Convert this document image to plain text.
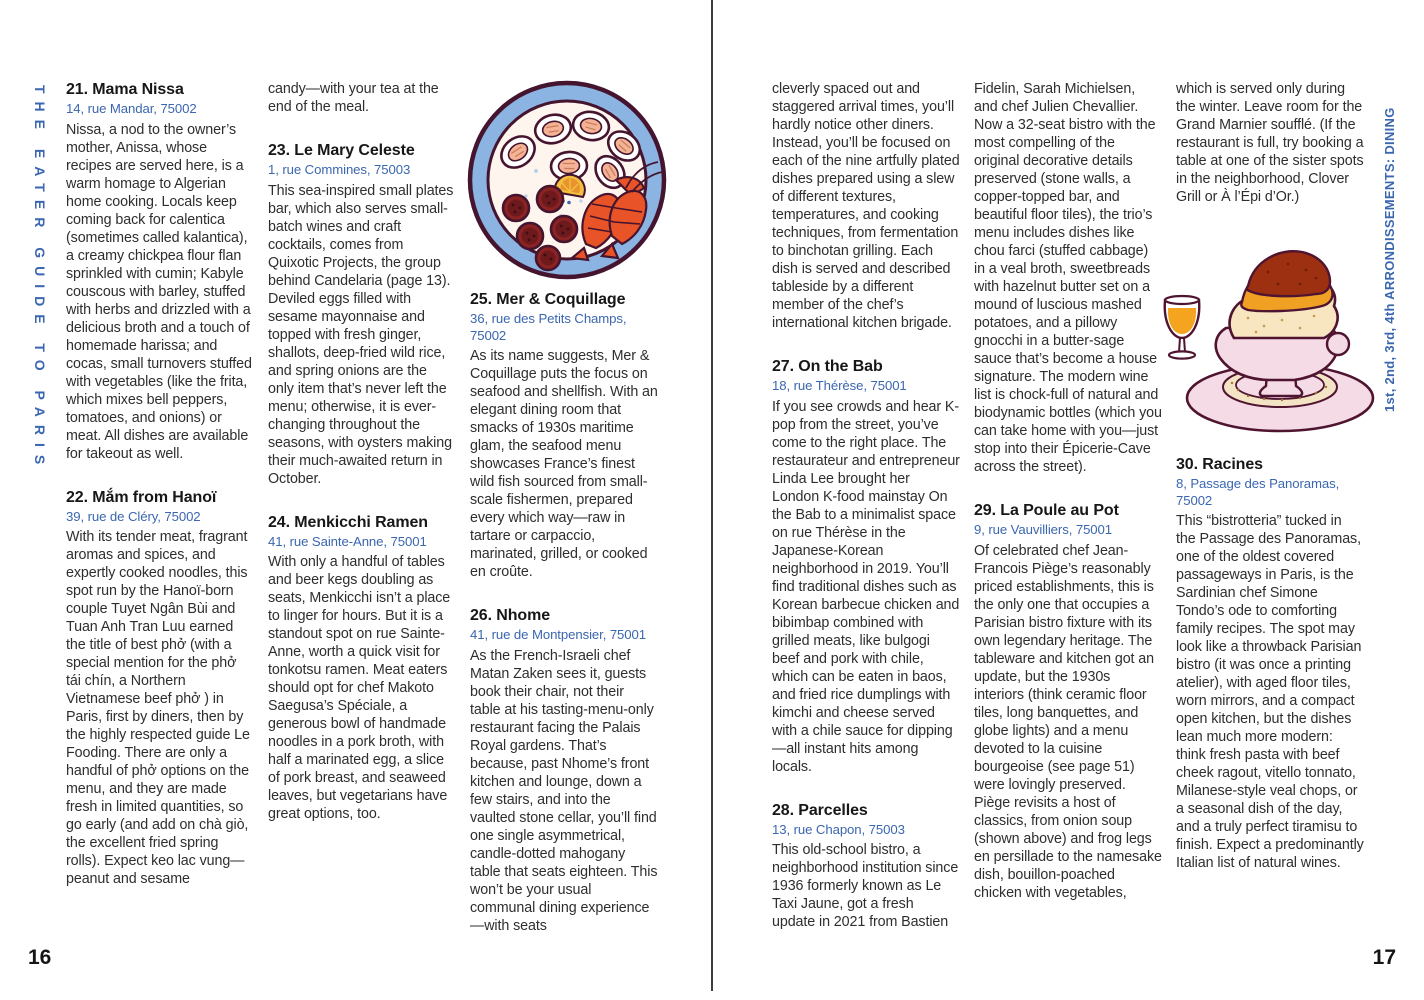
THE EATER GUIDE TO PARIS	1st, 2nd, 3rd, 4th ARRONDISSEMENTS: DINING
16	17
21. Mama Nissa

14, rue Mandar, 75002

Nissa, a nod to the owner’s mother, Anissa, whose recipes are served here, is a warm homage to Algerian home cooking. Locals keep coming back for calentica (sometimes called kalantica), a creamy chickpea flour flan sprinkled with cumin; Kabyle couscous with barley, stuffed with herbs and drizzled with a delicious broth and a touch of homemade harissa; and cocas, small turnovers stuffed with vegetables (like the frita, which mixes bell peppers, tomatoes, and onions) or meat. All dishes are available for takeout as well.

22. Mắm from Hanoï

39, rue de Cléry, 75002

With its tender meat, fragrant aromas and spices, and expertly cooked noodles, this spot run by the Hanoï-born couple Tuyet Ngân Bùi and Tuan Anh Tran Luu earned the title of best phở (with a special mention for the phở tái chín, a Northern Vietnamese beef phở ) in Paris, first by diners, then by the highly respected guide Le Fooding. There are only a handful of phở options on the menu, and they are made fresh in limited quantities, so go early (and add on chà giò, the excellent fried spring rolls). Expect keo lac vung—peanut and sesame

candy—with your tea at the end of the meal.

23. Le Mary Celeste

1, rue Commines, 75003

This sea-inspired small plates bar, which also serves small-batch wines and craft cocktails, comes from Quixotic Projects, the group behind Candelaria (page 13). Deviled eggs filled with sesame mayonnaise and topped with fresh ginger, shallots, deep-fried wild rice, and spring onions are the only item that’s never left the menu; otherwise, it is ever-changing throughout the seasons, with oysters making their much-awaited return in October.

24. Menkicchi Ramen

41, rue Sainte-Anne, 75001

With only a handful of tables and beer kegs doubling as seats, Menkicchi isn’t a place to linger for hours. But it is a standout spot on rue Sainte-Anne, worth a quick visit for tonkotsu ramen. Meat eaters should opt for chef Makoto Saegusa’s Spéciale, a generous bowl of handmade noodles in a pork broth, with half a marinated egg, a slice of pork breast, and seaweed leaves, but vegetarians have great options, too.

25. Mer & Coquillage

36, rue des Petits Champs, 75002

As its name suggests, Mer & Coquillage puts the focus on seafood and shellfish. With an elegant dining room that smacks of 1930s maritime glam, the seafood menu showcases France’s finest wild fish sourced from small-scale fishermen, prepared every which way—raw in tartare or carpaccio, marinated, grilled, or cooked en croûte.

26. Nhome

41, rue de Montpensier, 75001

As the French-Israeli chef Matan Zaken sees it, guests book their chair, not their table at his tasting-menu-only restaurant facing the Palais Royal gardens. That’s because, past Nhome’s front kitchen and lounge, down a few stairs, and into the vaulted stone cellar, you’ll find one single asymmetrical, candle-dotted mahogany table that seats eighteen. This won’t be your usual communal dining experience—with seats

cleverly spaced out and staggered arrival times, you’ll hardly notice other diners. Instead, you’ll be focused on each of the nine artfully plated dishes prepared using a slew of different textures, temperatures, and cooking techniques, from fermentation to binchotan grilling. Each dish is served and described tableside by a different member of the chef’s international kitchen brigade.

27. On the Bab

18, rue Thérèse, 75001

If you see crowds and hear K-pop from the street, you’ve come to the right place. The restaurateur and entrepreneur Linda Lee brought her London K-food mainstay On the Bab to a minimalist space on rue Thérèse in the Japanese-Korean neighborhood in 2019. You’ll find traditional dishes such as Korean barbecue chicken and bibimbap combined with grilled meats, like bulgogi beef and pork with chile, which can be eaten in baos, and fried rice dumplings with kimchi and cheese served with a chile sauce for dipping—all instant hits among locals.

28. Parcelles

13, rue Chapon, 75003

This old-school bistro, a neighborhood institution since 1936 formerly known as Le Taxi Jaune, got a fresh update in 2021 from Bastien

Fidelin, Sarah Michielsen, and chef Julien Chevallier. Now a 32-seat bistro with the most compelling of the original decorative details preserved (stone walls, a copper-topped bar, and beautiful floor tiles), the trio’s menu includes dishes like chou farci (stuffed cabbage) in a veal broth, sweetbreads with hazelnut butter set on a mound of luscious mashed potatoes, and a pillowy gnocchi in a butter-sage sauce that’s become a house signature. The modern wine list is chock-full of natural and biodynamic bottles (which you can take home with you—just stop into their Épicerie-Cave across the street).

29. La Poule au Pot

9, rue Vauvilliers, 75001

Of celebrated chef Jean-Francois Piège’s reasonably priced establishments, this is the only one that occupies a Parisian bistro fixture with its own legendary heritage. The tableware and kitchen got an update, but the 1930s interiors (think ceramic floor tiles, long banquettes, and globe lights) and a menu devoted to la cuisine bourgeoise (see page 51) were lovingly preserved. Piège revisits a host of classics, from onion soup (shown above) and frog legs en persillade to the namesake dish, bouillon-poached chicken with vegetables,

which is served only during the winter. Leave room for the Grand Marnier soufflé. (If the restaurant is full, try booking a table at one of the sister spots in the neighborhood, Clover Grill or À l’Épi d’Or.)

30. Racines

8, Passage des Panoramas, 75002

This “bistrotteria” tucked in the Passage des Panoramas, one of the oldest covered passageways in Paris, is the Sardinian chef Simone Tondo’s ode to comforting family recipes. The spot may look like a throwback Parisian bistro (it was once a printing atelier), with aged floor tiles, worn mirrors, and a compact open kitchen, but the dishes lean much more modern: think fresh pasta with beef cheek ragout, vitello tonnato, Milanese-style veal chops, or a seasonal dish of the day, and a truly perfect tiramisu to finish. Expect a predominantly Italian list of natural wines.
